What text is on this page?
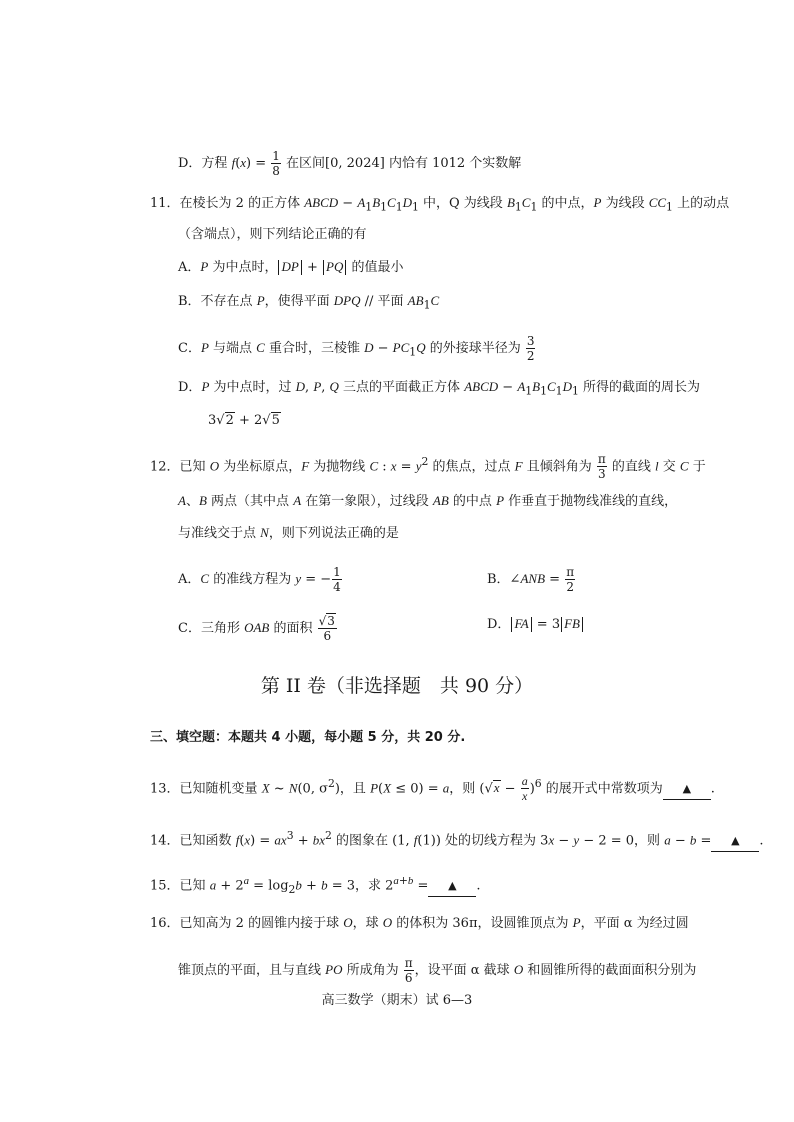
D．方程 $f(x) = \frac{1}{8}$ 在区间[0, 2024] 内恰有 1012 个实数解
11．在棱长为 2 的正方体 ABCD − $A_1B_1C_1D_1$ 中，Q 为线段 $B_1C_1$ 的中点，P 为线段 $CC_1$ 上的动点
（含端点），则下列结论正确的有
A．P 为中点时， DP + PQ 的值最小
B．不存在点 P，使得平面 DPQ // 平面 $AB_1C$
C．P 与端点 C 重合时，三棱锥 $D - PC_1Q$ 的外接球半径为 $\frac{3}{2}$
D．P 为中点时，过 D, P, Q 三点的平面截正方体 ABCD − $A_1B_1C_1D_1$ 所得的截面的周长为
3√2 + 2√5
12．已知 O 为坐标原点，F 为抛物线 C : $x = y^2$ 的焦点，过点 F 且倾斜角为 $\frac{\pi}{3}$ 的直线 l 交 C 于
A、B 两点（其中点 A 在第一象限），过线段 AB 的中点 P 作垂直于抛物线准线的直线，
与准线交于点 N，则下列说法正确的是
A．C 的准线方程为 y = − $\frac{1}{4}$	B．∠ANB = $\frac{\pi}{2}$
C．三角形 OAB 的面积 $\frac{√3}{6}$	D． FA = 3 FB
第 II 卷（非选择题　共 90 分）
三、填空题：本题共 4 小题，每小题 5 分，共 20 分.
13．已知随机变量 X ~ N(0, $\sigma^2$)，且 P(X ≤ 0) = a，则 $(√x - \frac{a}{x} )^6$ 的展开式中常数项为 ▲ .
14．已知函数 $f(x) = ax^3 + bx^2$ 的图象在 (1, f(1)) 处的切线方程为 3x − y − 2 = 0，则 a − b = ▲ .
15．已知 $a + 2^a = \log_2b + b = 3$，求 $2^{a+b}$ = ▲ .
16．已知高为 2 的圆锥内接于球 O，球 O 的体积为 36π，设圆锥顶点为 P，平面 α 为经过圆
锥顶点的平面，且与直线 PO 所成角为 $\frac{\pi}{6}$ ，设平面 α 截球 O 和圆锥所得的截面面积分别为
高三数学（期末）试 6—3
